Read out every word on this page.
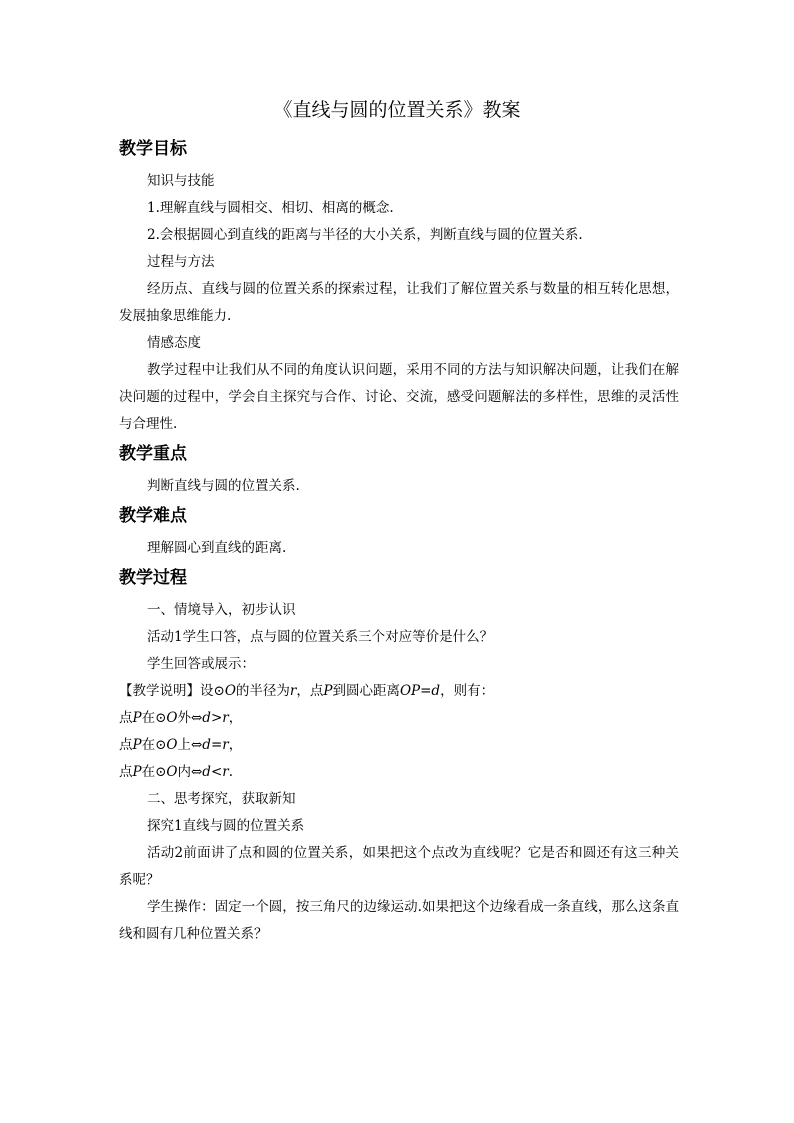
《直线与圆的位置关系》教案
教学目标

知识与技能

1.理解直线与圆相交、相切、相离的概念.

2.会根据圆心到直线的距离与半径的大小关系，判断直线与圆的位置关系.

过程与方法

经历点、直线与圆的位置关系的探索过程，让我们了解位置关系与数量的相互转化思想，发展抽象思维能力.

情感态度

教学过程中让我们从不同的角度认识问题，采用不同的方法与知识解决问题，让我们在解决问题的过程中，学会自主探究与合作、讨论、交流，感受问题解法的多样性，思维的灵活性与合理性.

教学重点

判断直线与圆的位置关系.

教学难点

理解圆心到直线的距离.

教学过程

一、情境导入，初步认识

活动1学生口答，点与圆的位置关系三个对应等价是什么？

学生回答或展示：

【教学说明】设⊙O的半径为r，点P到圆心距离OP=d，则有：

点P在⊙O外⇔d>r，

点P在⊙O上⇔d=r，

点P在⊙O内⇔d<r.

二、思考探究，获取新知

探究1直线与圆的位置关系

活动2前面讲了点和圆的位置关系，如果把这个点改为直线呢？它是否和圆还有这三种关系呢？

学生操作：固定一个圆，按三角尺的边缘运动.如果把这个边缘看成一条直线，那么这条直线和圆有几种位置关系？
